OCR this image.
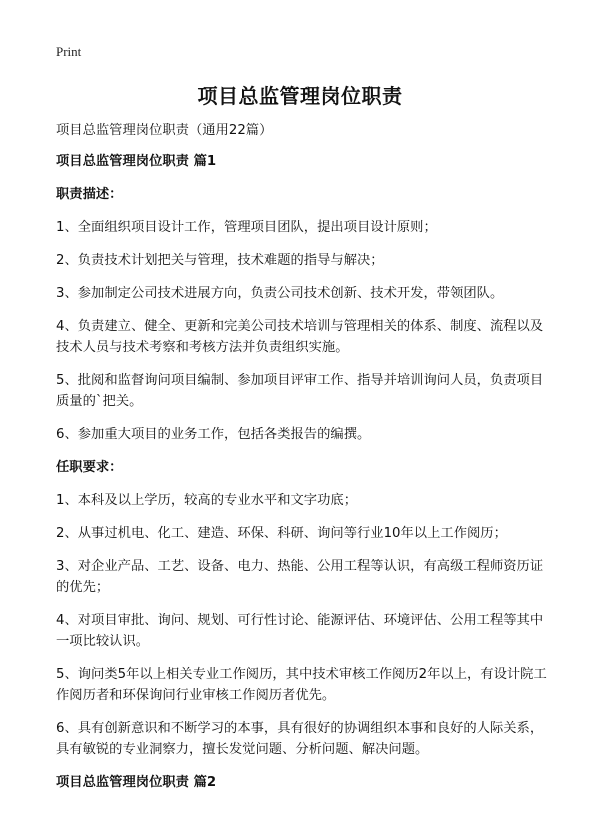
Print
项目总监管理岗位职责

项目总监管理岗位职责（通用22篇）

项目总监管理岗位职责 篇1

职责描述：

1、全面组织项目设计工作，管理项目团队，提出项目设计原则；

2、负责技术计划把关与管理，技术难题的指导与解决；

3、参加制定公司技术进展方向，负责公司技术创新、技术开发，带领团队。

4、负责建立、健全、更新和完美公司技术培训与管理相关的体系、制度、流程以及技术人员与技术考察和考核方法并负责组织实施。

5、批阅和监督询问项目编制、参加项目评审工作、指导并培训询问人员，负责项目质量的`把关。

6、参加重大项目的业务工作，包括各类报告的编撰。

任职要求：

1、本科及以上学历，较高的专业水平和文字功底；

2、从事过机电、化工、建造、环保、科研、询问等行业10年以上工作阅历；

3、对企业产品、工艺、设备、电力、热能、公用工程等认识，有高级工程师资历证的优先；

4、对项目审批、询问、规划、可行性讨论、能源评估、环境评估、公用工程等其中一项比较认识。

5、询问类5年以上相关专业工作阅历，其中技术审核工作阅历2年以上，有设计院工作阅历者和环保询问行业审核工作阅历者优先。

6、具有创新意识和不断学习的本事，具有很好的协调组织本事和良好的人际关系，具有敏锐的专业洞察力，擅长发觉问题、分析问题、解决问题。

项目总监管理岗位职责 篇2
